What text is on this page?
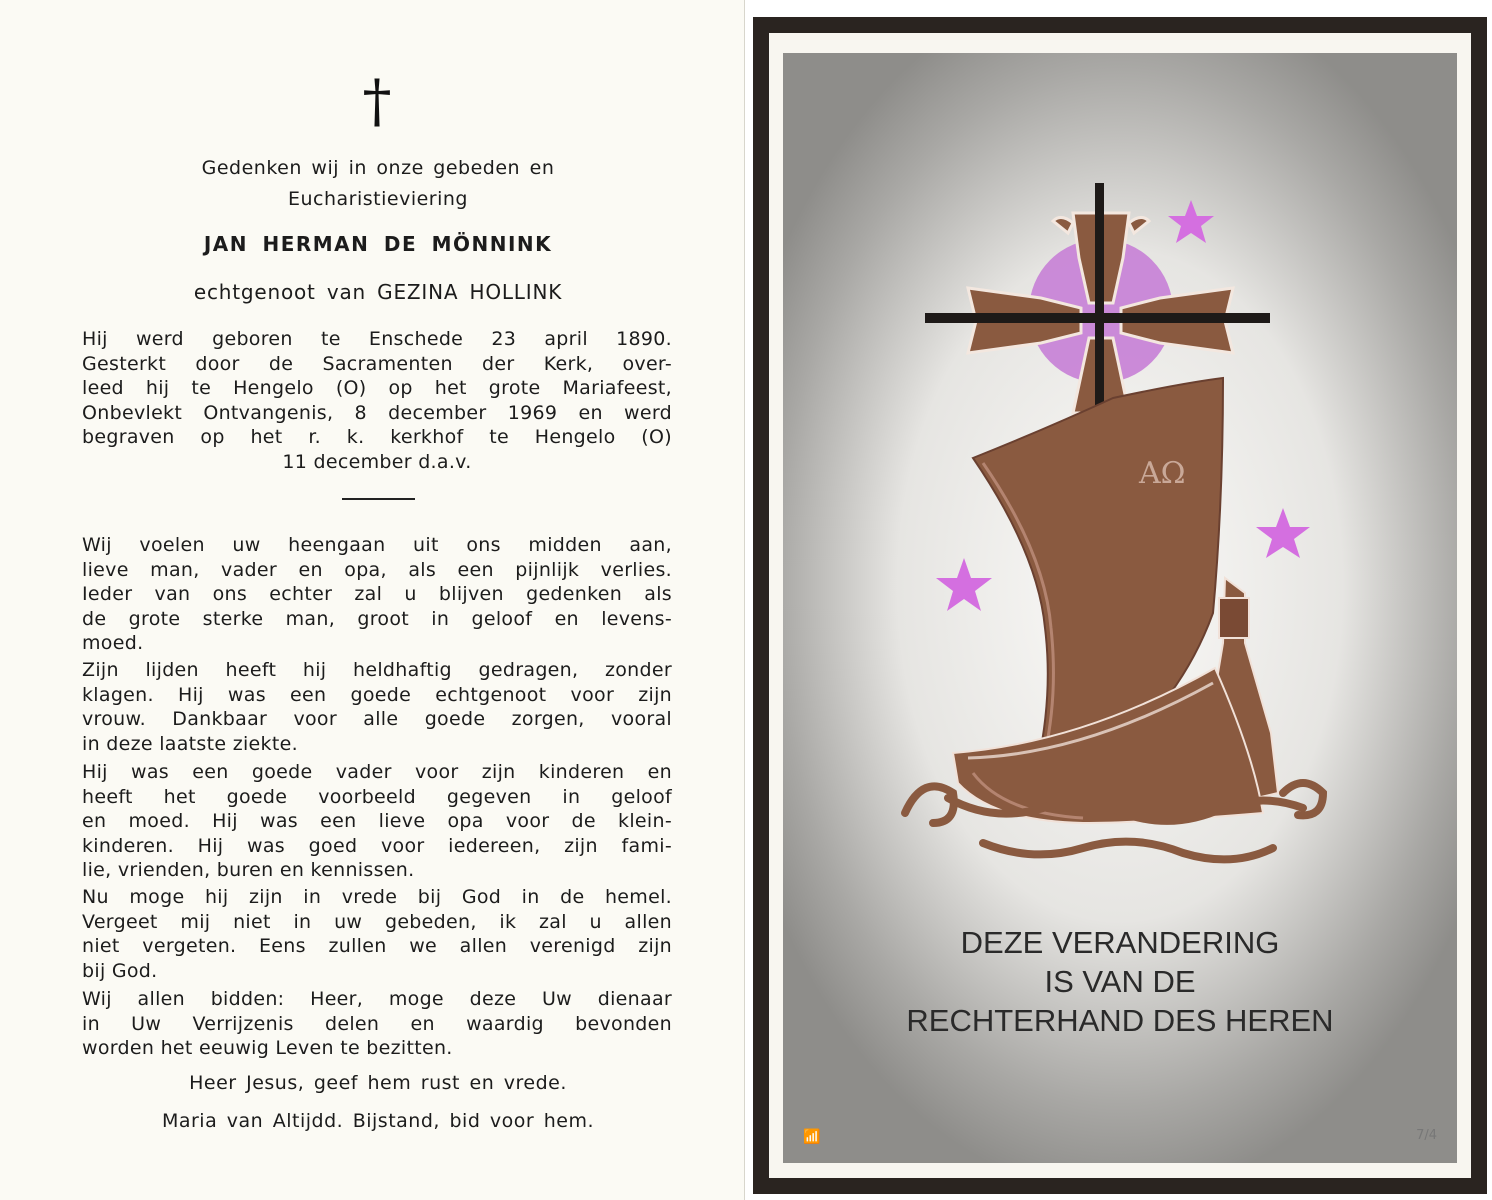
†
Gedenken wij in onze gebeden en
Eucharistieviering
JAN HERMAN DE MÖNNINK
echtgenoot van GEZINA HOLLINK
Hij werd geboren te Enschede 23 april 1890.
Gesterkt door de Sacramenten der Kerk, over-
leed hij te Hengelo (O) op het grote Mariafeest,
Onbevlekt Ontvangenis, 8 december 1969 en werd
begraven op het r. k. kerkhof te Hengelo (O)
11 december d.a.v.
Wij voelen uw heengaan uit ons midden aan,
lieve man, vader en opa, als een pijnlijk verlies.
Ieder van ons echter zal u blijven gedenken als
de grote sterke man, groot in geloof en levens-
moed.
Zijn lijden heeft hij heldhaftig gedragen, zonder
klagen. Hij was een goede echtgenoot voor zijn
vrouw. Dankbaar voor alle goede zorgen, vooral
in deze laatste ziekte.
Hij was een goede vader voor zijn kinderen en
heeft het goede voorbeeld gegeven in geloof
en moed. Hij was een lieve opa voor de klein-
kinderen. Hij was goed voor iedereen, zijn fami-
lie, vrienden, buren en kennissen.
Nu moge hij zijn in vrede bij God in de hemel.
Vergeet mij niet in uw gebeden, ik zal u allen
niet vergeten. Eens zullen we allen verenigd zijn
bij God.
Wij allen bidden: Heer, moge deze Uw dienaar
in Uw Verrijzenis delen en waardig bevonden
worden het eeuwig Leven te bezitten.
Heer Jesus, geef hem rust en vrede.
Maria van Altijdd. Bijstand, bid voor hem.
AΩ
DEZE VERANDERING
IS VAN DE
RECHTERHAND DES HEREN
📶	7/4
